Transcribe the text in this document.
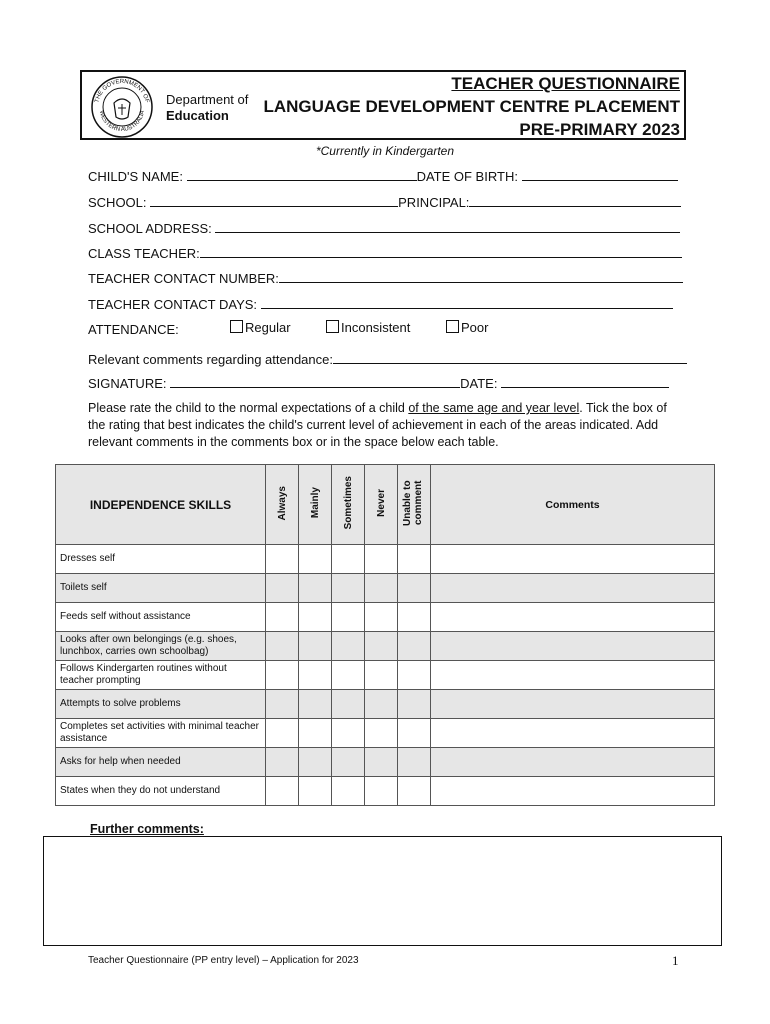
THE GOVERNMENT OF
WESTERN AUSTRALIA
Department of
Education
TEACHER QUESTIONNAIRE
LANGUAGE DEVELOPMENT CENTRE PLACEMENT
PRE-PRIMARY 2023
*Currently in Kindergarten
CHILD'S NAME:	DATE OF BIRTH:
SCHOOL:	PRINCIPAL:
SCHOOL ADDRESS:
CLASS TEACHER:
TEACHER CONTACT NUMBER:
TEACHER CONTACT DAYS:
ATTENDANCE:	Regular	Inconsistent	Poor
Relevant comments regarding attendance:
SIGNATURE:	DATE:
Please rate the child to the normal expectations of a child of the same age and year level. Tick the box of the rating that best indicates the child's current level of achievement in each of the areas indicated. Add relevant comments in the comments box or in the space below each table.
INDEPENDENCE SKILLS	Always	Mainly	Sometimes	Never	Unable to comment	Comments
Dresses self						
Toilets self						
Feeds self without assistance						
Looks after own belongings (e.g. shoes, lunchbox, carries own schoolbag)						
Follows Kindergarten routines without teacher prompting						
Attempts to solve problems						
Completes set activities with minimal teacher assistance						
Asks for help when needed						
States when they do not understand						
Further comments:
Teacher Questionnaire (PP entry level) – Application for 2023	1
